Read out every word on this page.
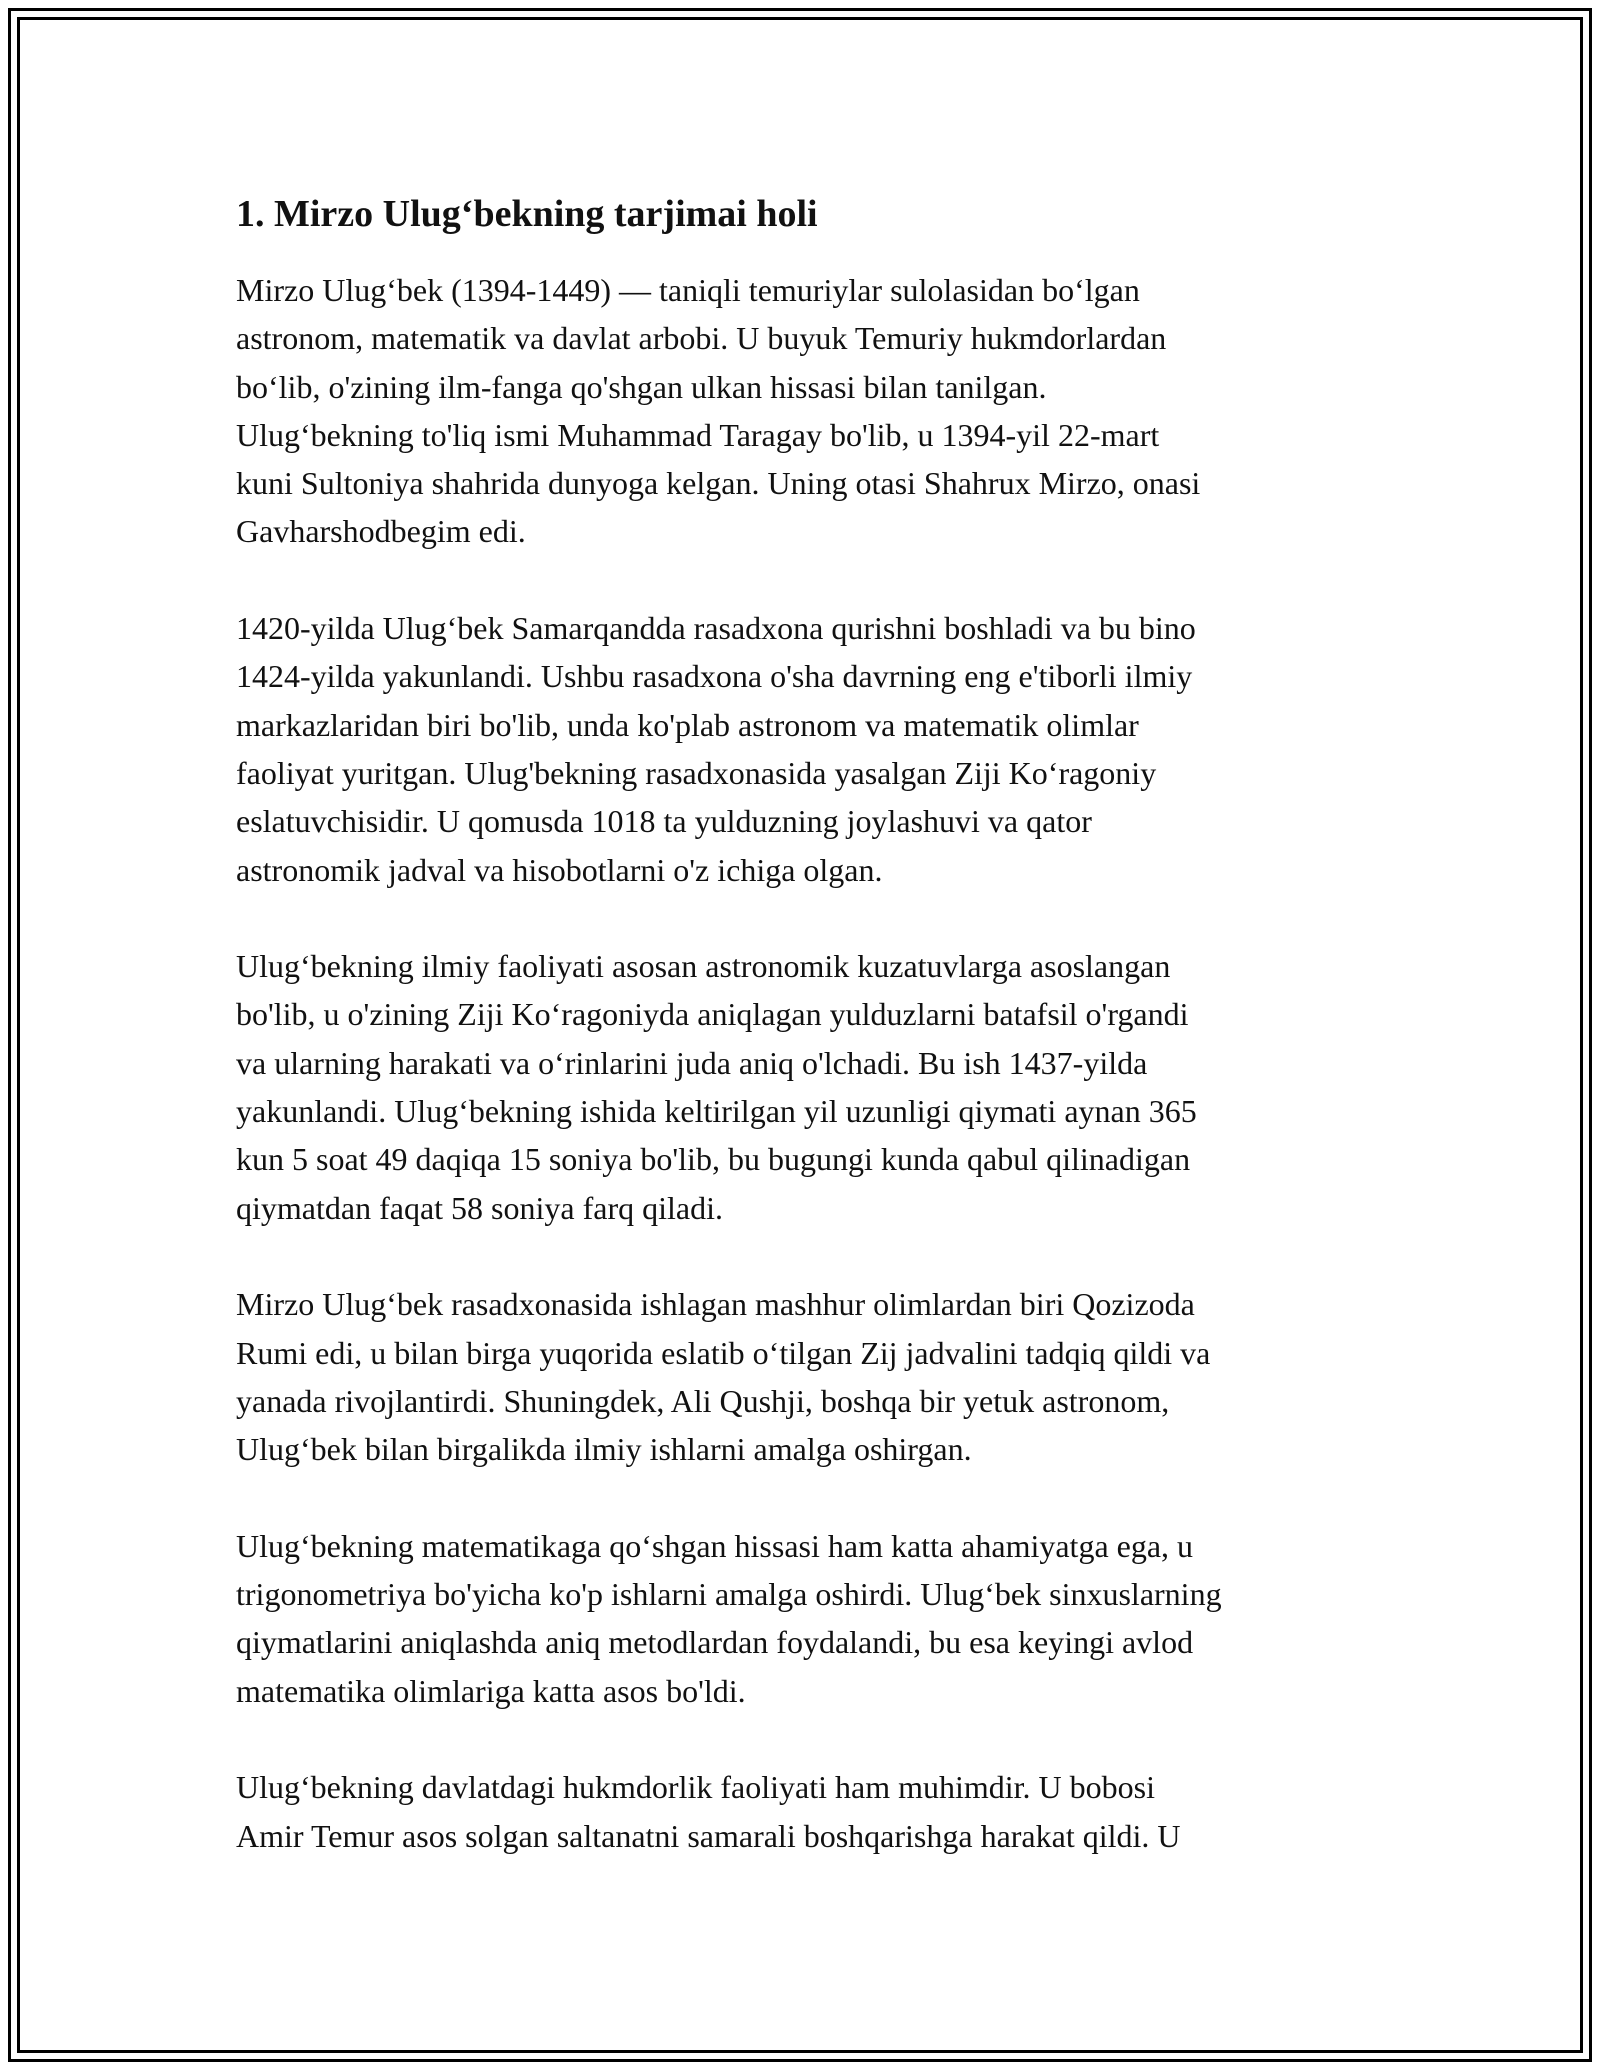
1. Mirzo Ulug‘bekning tarjimai holi
Mirzo Ulug‘bek (1394-1449) — taniqli temuriylar sulolasidan bo‘lgan
astronom, matematik va davlat arbobi. U buyuk Temuriy hukmdorlardan
bo‘lib, o'zining ilm-fanga qo'shgan ulkan hissasi bilan tanilgan.
Ulug‘bekning to'liq ismi Muhammad Taragay bo'lib, u 1394-yil 22-mart
kuni Sultoniya shahrida dunyoga kelgan. Uning otasi Shahrux Mirzo, onasi
Gavharshodbegim edi.
1420-yilda Ulug‘bek Samarqandda rasadxona qurishni boshladi va bu bino
1424-yilda yakunlandi. Ushbu rasadxona o'sha davrning eng e'tiborli ilmiy
markazlaridan biri bo'lib, unda ko'plab astronom va matematik olimlar
faoliyat yuritgan. Ulug'bekning rasadxonasida yasalgan Ziji Ko‘ragoniy
eslatuvchisidir. U qomusda 1018 ta yulduzning joylashuvi va qator
astronomik jadval va hisobotlarni o'z ichiga olgan.
Ulug‘bekning ilmiy faoliyati asosan astronomik kuzatuvlarga asoslangan
bo'lib, u o'zining Ziji Ko‘ragoniyda aniqlagan yulduzlarni batafsil o'rgandi
va ularning harakati va o‘rinlarini juda aniq o'lchadi. Bu ish 1437-yilda
yakunlandi. Ulug‘bekning ishida keltirilgan yil uzunligi qiymati aynan 365
kun 5 soat 49 daqiqa 15 soniya bo'lib, bu bugungi kunda qabul qilinadigan
qiymatdan faqat 58 soniya farq qiladi.
Mirzo Ulug‘bek rasadxonasida ishlagan mashhur olimlardan biri Qozizoda
Rumi edi, u bilan birga yuqorida eslatib o‘tilgan Zij jadvalini tadqiq qildi va
yanada rivojlantirdi. Shuningdek, Ali Qushji, boshqa bir yetuk astronom,
Ulug‘bek bilan birgalikda ilmiy ishlarni amalga oshirgan.
Ulug‘bekning matematikaga qo‘shgan hissasi ham katta ahamiyatga ega, u
trigonometriya bo'yicha ko'p ishlarni amalga oshirdi. Ulug‘bek sinxuslarning
qiymatlarini aniqlashda aniq metodlardan foydalandi, bu esa keyingi avlod
matematika olimlariga katta asos bo'ldi.
Ulug‘bekning davlatdagi hukmdorlik faoliyati ham muhimdir. U bobosi
Amir Temur asos solgan saltanatni samarali boshqarishga harakat qildi. U
